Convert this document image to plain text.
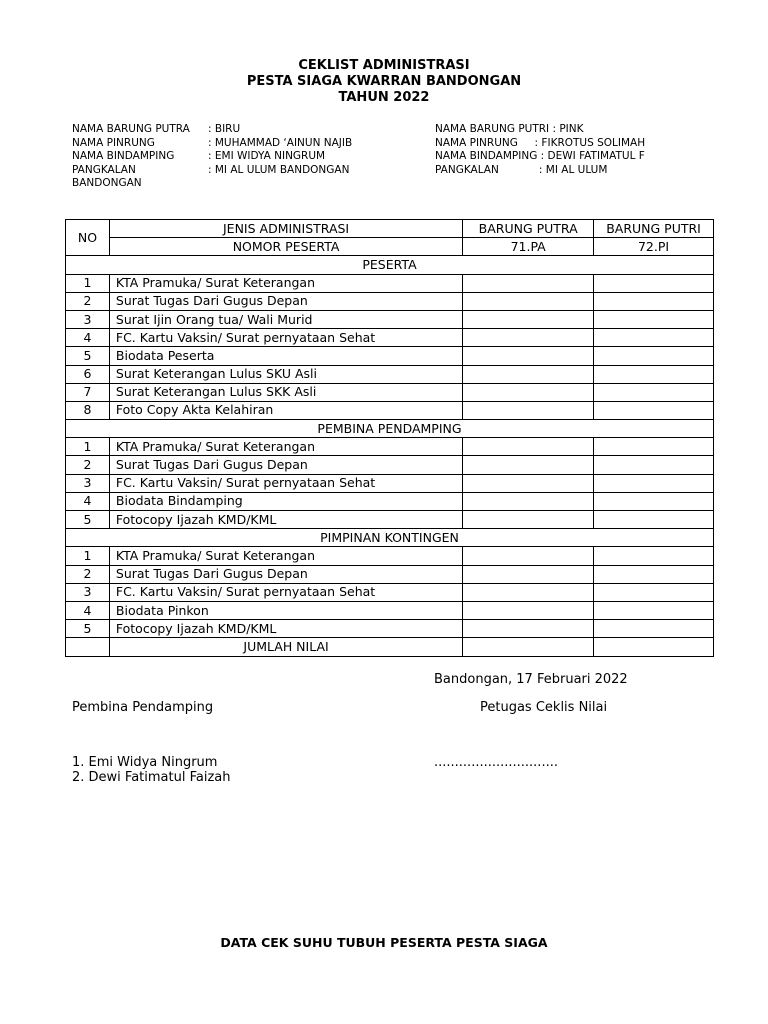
CEKLIST ADMINISTRASI
PESTA SIAGA KWARRAN BANDONGAN
TAHUN 2022
NAMA BARUNG PUTRA : BIRU
NAMA PINRUNG	: MUHAMMAD ‘AINUN NAJIB
NAMA BINDAMPING	: EMI WIDYA NINGRUM
PANGKALAN	: MI AL ULUM BANDONGAN
BANDONGAN
NAMA BARUNG PUTRI : PINK
NAMA PINRUNG     : FIKROTUS SOLIMAH
NAMA BINDAMPING : DEWI FATIMATUL F
PANGKALAN            : MI AL ULUM
NO	JENIS ADMINISTRASI	BARUNG PUTRA	BARUNG PUTRI
	NOMOR PESERTA	71.PA	72.PI
PESERTA			
1	KTA Pramuka/ Surat Keterangan		
2	Surat Tugas Dari Gugus Depan		
3	Surat Ijin Orang tua/ Wali Murid		
4	FC. Kartu Vaksin/ Surat pernyataan Sehat		
5	Biodata Peserta		
6	Surat Keterangan Lulus SKU Asli		
7	Surat Keterangan Lulus SKK Asli		
8	Foto Copy Akta Kelahiran		
PEMBINA PENDAMPING			
1	KTA Pramuka/ Surat Keterangan		
2	Surat Tugas Dari Gugus Depan		
3	FC. Kartu Vaksin/ Surat pernyataan Sehat		
4	Biodata Bindamping		
5	Fotocopy Ijazah KMD/KML		
PIMPINAN KONTINGEN			
1	KTA Pramuka/ Surat Keterangan		
2	Surat Tugas Dari Gugus Depan		
3	FC. Kartu Vaksin/ Surat pernyataan Sehat		
4	Biodata Pinkon		
5	Fotocopy Ijazah KMD/KML		
	JUMLAH NILAI		
Bandongan, 17 Februari 2022
Pembina Pendamping	Petugas Ceklis Nilai
1. Emi Widya Ningrum
2. Dewi Fatimatul Faizah
..............................
DATA CEK SUHU TUBUH PESERTA PESTA SIAGA
